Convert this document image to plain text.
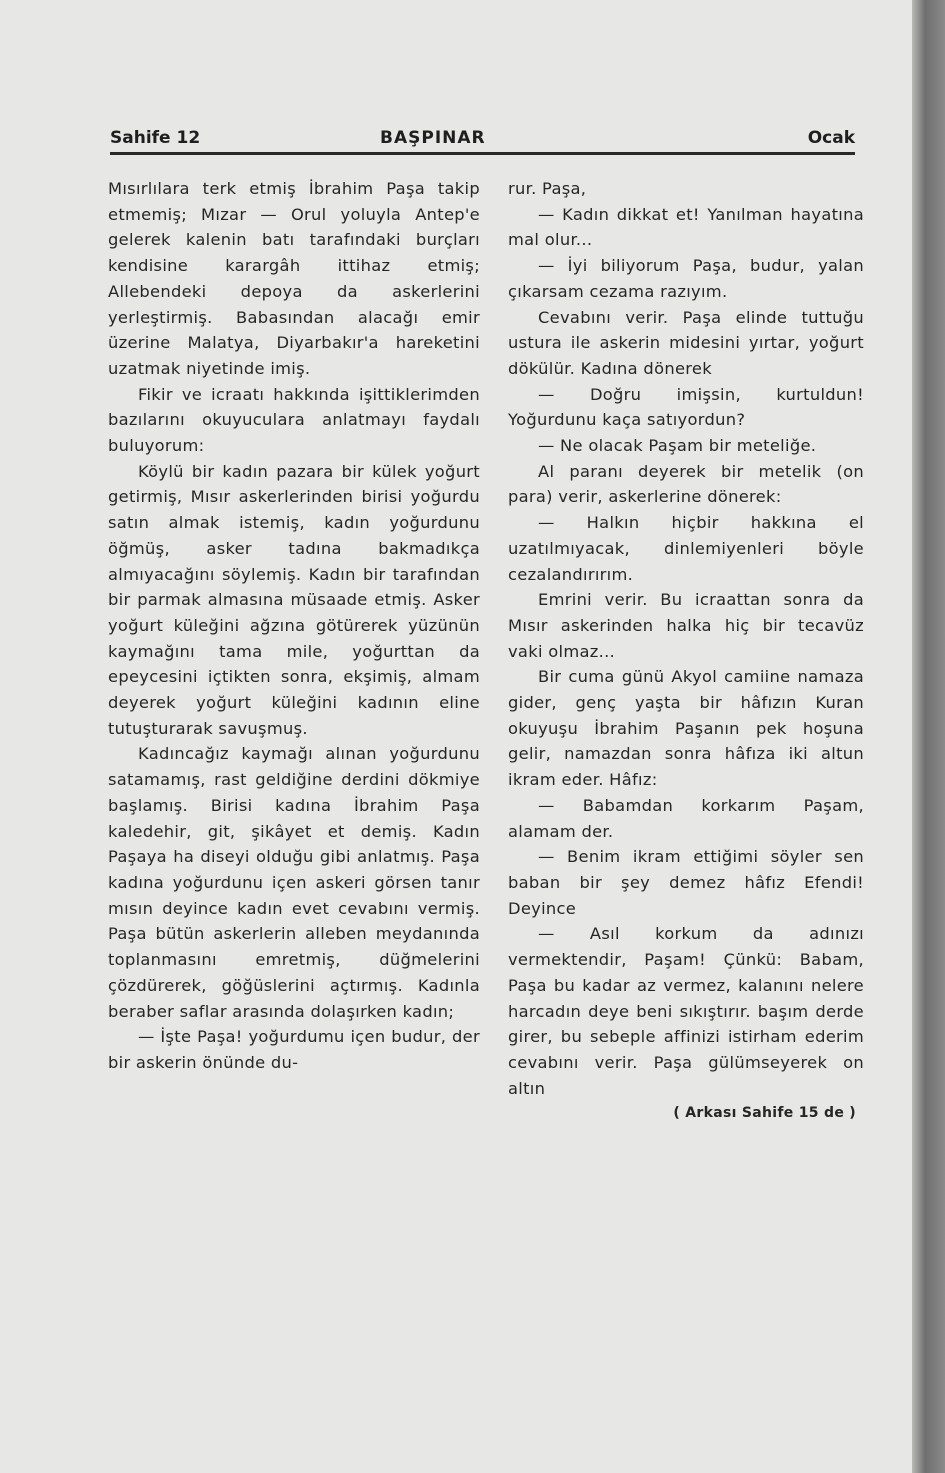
Sahife 12	BAŞPINAR	Ocak

Mısırlılara terk etmiş İbrahim Paşa takip etmemiş; Mızar — Orul yoluyla Antep'e gelerek kalenin batı tarafındaki burçları kendisine karargâh ittihaz etmiş; Allebendeki depoya da askerlerini yerleştirmiş. Babasından alacağı emir üzerine Malatya, Diyarbakır'a hareketini uzatmak niyetinde imiş.

Fikir ve icraatı hakkında işittiklerimden bazılarını okuyuculara anlatmayı faydalı buluyorum:

Köylü bir kadın pazara bir külek yoğurt getirmiş, Mısır askerlerinden birisi yoğurdu satın almak istemiş, kadın yoğurdunu öğmüş, asker tadına bakmadıkça almıyacağını söylemiş. Kadın bir tarafından bir parmak almasına müsaade etmiş. Asker yoğurt küleğini ağzına götürerek yüzünün kaymağını tama mile, yoğurttan da epeycesini içtikten sonra, ekşimiş, almam deyerek yoğurt küleğini kadının eline tutuşturarak savuşmuş.

Kadıncağız kaymağı alınan yoğurdunu satamamış, rast geldiğine derdini dökmiye başlamış. Birisi kadına İbrahim Paşa kaledehir, git, şikâyet et demiş. Kadın Paşaya ha diseyi olduğu gibi anlatmış. Paşa kadına yoğurdunu içen askeri görsen tanır mısın deyince kadın evet cevabını vermiş. Paşa bütün askerlerin alleben meydanında toplanmasını emretmiş, düğmelerini çözdürerek, göğüslerini açtırmış. Kadınla beraber saflar arasında dolaşırken kadın;

— İşte Paşa! yoğurdumu içen budur, der bir askerin önünde du-

rur. Paşa,

— Kadın dikkat et! Yanılman hayatına mal olur...

— İyi biliyorum Paşa, budur, yalan çıkarsam cezama razıyım.

Cevabını verir. Paşa elinde tuttuğu ustura ile askerin midesini yırtar, yoğurt dökülür. Kadına dönerek

— Doğru imişsin, kurtuldun! Yoğurdunu kaça satıyordun?

— Ne olacak Paşam bir meteliğe.

Al paranı deyerek bir metelik (on para) verir, askerlerine dönerek:

— Halkın hiçbir hakkına el uzatılmıyacak, dinlemiyenleri böyle cezalandırırım.

Emrini verir. Bu icraattan sonra da Mısır askerinden halka hiç bir tecavüz vaki olmaz...

Bir cuma günü Akyol camiine namaza gider, genç yaşta bir hâfızın Kuran okuyuşu İbrahim Paşanın pek hoşuna gelir, namazdan sonra hâfıza iki altun ikram eder. Hâfız:

— Babamdan korkarım Paşam, alamam der.

— Benim ikram ettiğimi söyler sen baban bir şey demez hâfız Efendi! Deyince

— Asıl korkum da adınızı vermektendir, Paşam! Çünkü: Babam, Paşa bu kadar az vermez, kalanını nelere harcadın deye beni sıkıştırır. başım derde girer, bu sebeple affinizi istirham ederim cevabını verir. Paşa gülümseyerek on altın

( Arkası Sahife 15 de )
